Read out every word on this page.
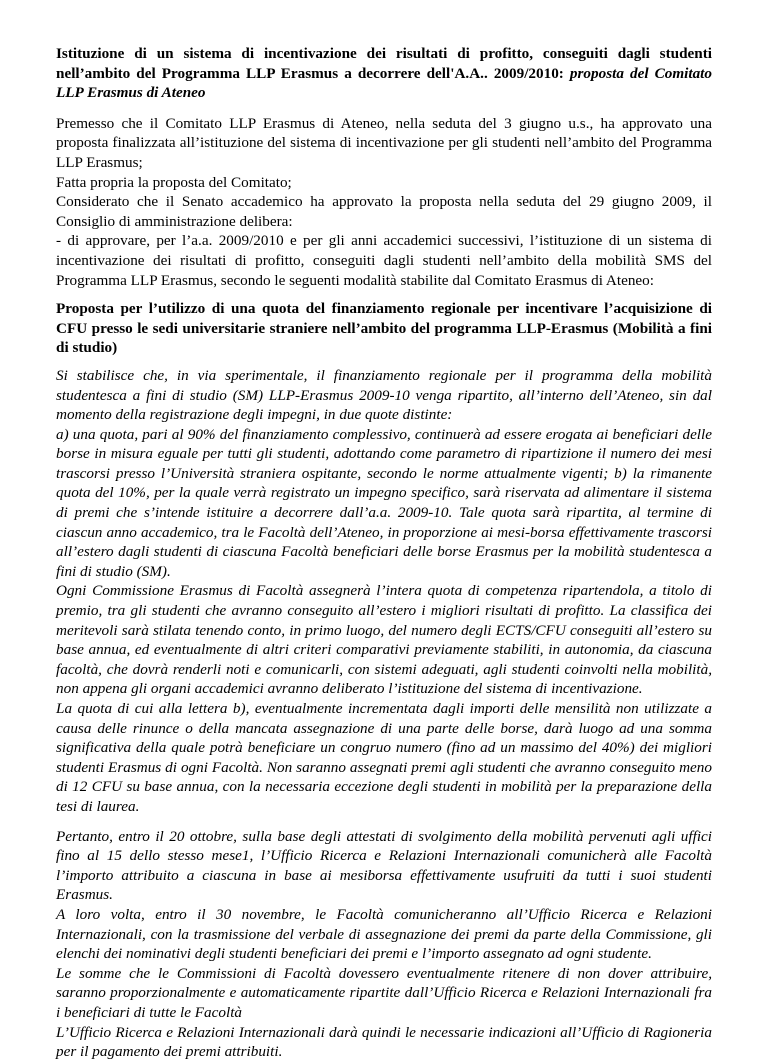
Istituzione di un sistema di incentivazione dei risultati di profitto, conseguiti dagli studenti nell’ambito del Programma LLP Erasmus a decorrere dell'A.A.. 2009/2010: proposta del Comitato LLP Erasmus di Ateneo

Premesso che il Comitato LLP Erasmus di Ateneo, nella seduta del 3 giugno u.s., ha approvato una proposta finalizzata all’istituzione del sistema di incentivazione per gli studenti nell’ambito del Programma LLP Erasmus;

Fatta propria la proposta del Comitato;

Considerato che il Senato accademico ha approvato la proposta nella seduta del 29 giugno 2009, il Consiglio di amministrazione delibera:

- di approvare, per l’a.a. 2009/2010 e per gli anni accademici successivi, l’istituzione di un sistema di incentivazione dei risultati di profitto, conseguiti dagli studenti nell’ambito della mobilità SMS del Programma LLP Erasmus, secondo le seguenti modalità stabilite dal Comitato Erasmus di Ateneo:

Proposta per l’utilizzo di una quota del finanziamento regionale per incentivare l’acquisizione di CFU presso le sedi universitarie straniere nell’ambito del programma LLP-Erasmus (Mobilità a fini di studio)

Si stabilisce che, in via sperimentale, il finanziamento regionale per il programma della mobilità studentesca a fini di studio (SM) LLP-Erasmus 2009-10 venga ripartito, all’interno dell’Ateneo, sin dal momento della registrazione degli impegni, in due quote distinte:

a) una quota, pari al 90% del finanziamento complessivo, continuerà ad essere erogata ai beneficiari delle borse in misura eguale per tutti gli studenti, adottando come parametro di ripartizione il numero dei mesi trascorsi presso l’Università straniera ospitante, secondo le norme attualmente vigenti; b) la rimanente quota del 10%, per la quale verrà registrato un impegno specifico, sarà riservata ad alimentare il sistema di premi che s’intende istituire a decorrere dall’a.a. 2009-10. Tale quota sarà ripartita, al termine di ciascun anno accademico, tra le Facoltà dell’Ateneo, in proporzione ai mesi-borsa effettivamente trascorsi all’estero dagli studenti di ciascuna Facoltà beneficiari delle borse Erasmus per la mobilità studentesca a fini di studio (SM).

Ogni Commissione Erasmus di Facoltà assegnerà l’intera quota di competenza ripartendola, a titolo di premio, tra gli studenti che avranno conseguito all’estero i migliori risultati di profitto. La classifica dei meritevoli sarà stilata tenendo conto, in primo luogo, del numero degli ECTS/CFU conseguiti all’estero su base annua, ed eventualmente di altri criteri comparativi previamente stabiliti, in autonomia, da ciascuna facoltà, che dovrà renderli noti e comunicarli, con sistemi adeguati, agli studenti coinvolti nella mobilità, non appena gli organi accademici avranno deliberato l’istituzione del sistema di incentivazione.

La quota di cui alla lettera b), eventualmente incrementata dagli importi delle mensilità non utilizzate a causa delle rinunce o della mancata assegnazione di una parte delle borse, darà luogo ad una somma significativa della quale potrà beneficiare un congruo numero (fino ad un massimo del 40%) dei migliori studenti Erasmus di ogni Facoltà. Non saranno assegnati premi agli studenti che avranno conseguito meno di 12 CFU su base annua, con la necessaria eccezione degli studenti in mobilità per la preparazione della tesi di laurea.

Pertanto, entro il 20 ottobre, sulla base degli attestati di svolgimento della mobilità pervenuti agli uffici fino al 15 dello stesso mese1, l’Ufficio Ricerca e Relazioni Internazionali comunicherà alle Facoltà l’importo attribuito a ciascuna in base ai mesiborsa effettivamente usufruiti da tutti i suoi studenti Erasmus.

A loro volta, entro il 30 novembre, le Facoltà comunicheranno all’Ufficio Ricerca e Relazioni Internazionali, con la trasmissione del verbale di assegnazione dei premi da parte della Commissione, gli elenchi dei nominativi degli studenti beneficiari dei premi e l’importo assegnato ad ogni studente.

Le somme che le Commissioni di Facoltà dovessero eventualmente ritenere di non dover attribuire, saranno proporzionalmente e automaticamente ripartite dall’Ufficio Ricerca e Relazioni Internazionali fra i beneficiari di tutte le Facoltà

L’Ufficio Ricerca e Relazioni Internazionali darà quindi le necessarie indicazioni all’Ufficio di Ragioneria per il pagamento dei premi attribuiti.
